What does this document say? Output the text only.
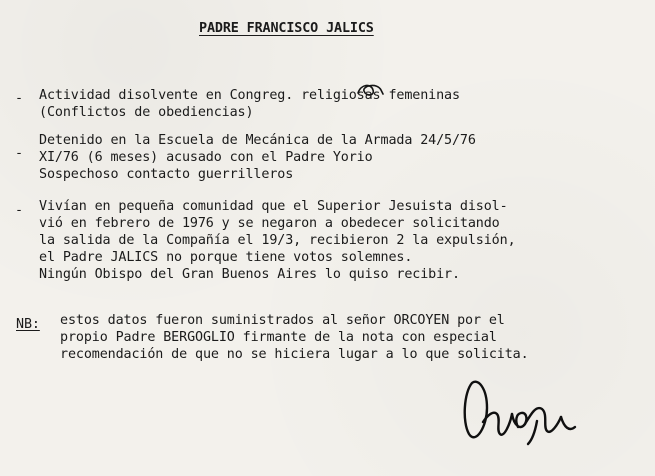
PADRE FRANCISCO JALICS
- Actividad disolvente en Congreg. religiosas femeninas
(Conflictos de obediencias)
-
Detenido en la Escuela de Mecánica de la Armada 24/5/76
XI/76 (6 meses) acusado con el Padre Yorio
Sospechoso contacto guerrilleros
- Vivían en pequeña comunidad que el Superior Jesuista disol-
vió en febrero de 1976 y se negaron a obedecer solicitando
la salida de la Compañía el 19/3, recibieron 2 la expulsión,
el Padre JALICS no porque tiene votos solemnes.
Ningún Obispo del Gran Buenos Aires lo quiso recibir.
NB: estos datos fueron suministrados al señor ORCOYEN por el
propio Padre BERGOGLIO firmante de la nota con especial
recomendación de que no se hiciera lugar a lo que solicita.
